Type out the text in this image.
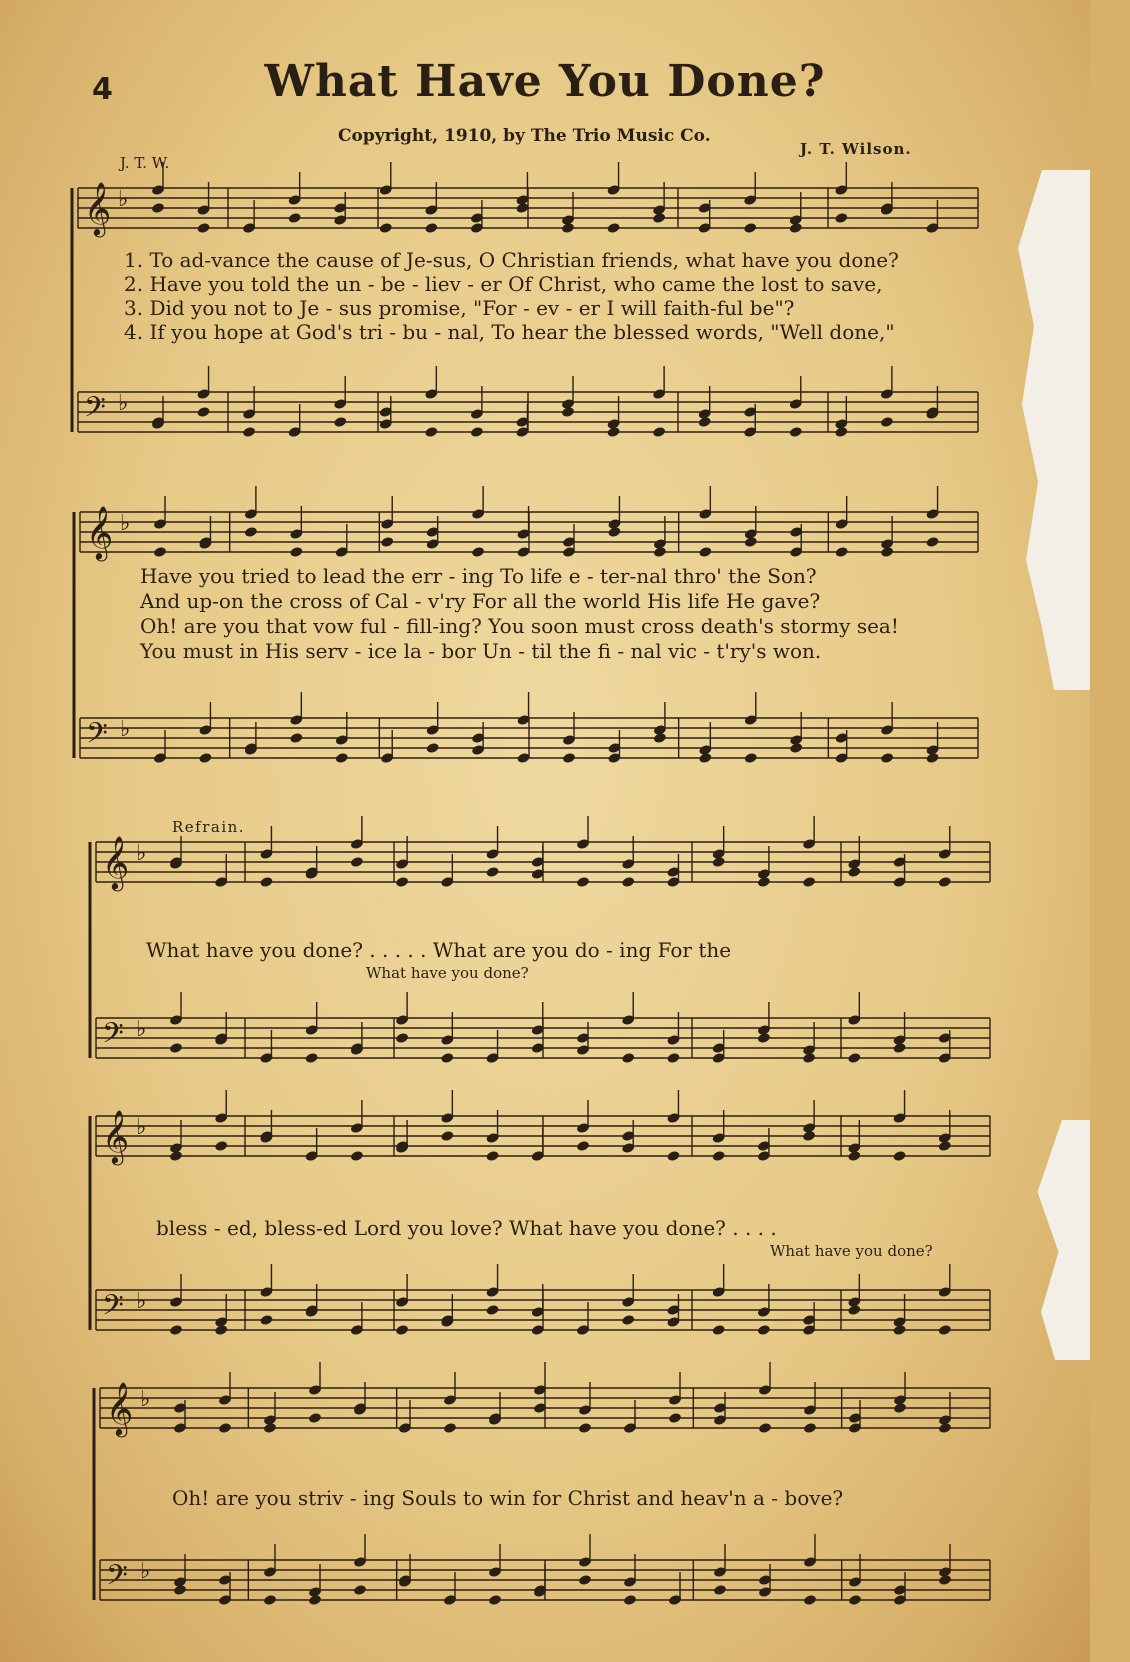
4	What Have You Done?
Copyright, 1910, by The Trio Music Co.
J. T. W.
J. T. Wilson.
𝄞 ♭
𝄢 ♭
𝄞 ♭
𝄢 ♭
𝄞 ♭
𝄢 ♭
𝄞 ♭
𝄢 ♭
𝄞 ♭
𝄢 ♭
1. To ad-vance the cause of Je-sus, O Christian friends, what have you done?
2. Have you told the un - be - liev - er Of Christ, who came the lost to save,
3. Did you not to Je - sus promise, "For - ev - er I will faith-ful be"?
4. If you hope at God's tri - bu - nal, To hear the blessed words, "Well done,"
Have you tried to lead the err - ing To life e - ter-nal thro' the Son?
And up-on the cross of Cal - v'ry For all the world His life He gave?
Oh! are you that vow ful - fill-ing? You soon must cross death's stormy sea!
You must in His serv - ice la - bor Un - til the fi - nal vic - t'ry's won.
Refrain.
What have you done? . . . . . What are you do - ing For the
What have you done?
bless - ed, bless-ed Lord you love? What have you done? . . . .
What have you done?
Oh! are you striv - ing Souls to win for Christ and heav'n a - bove?
